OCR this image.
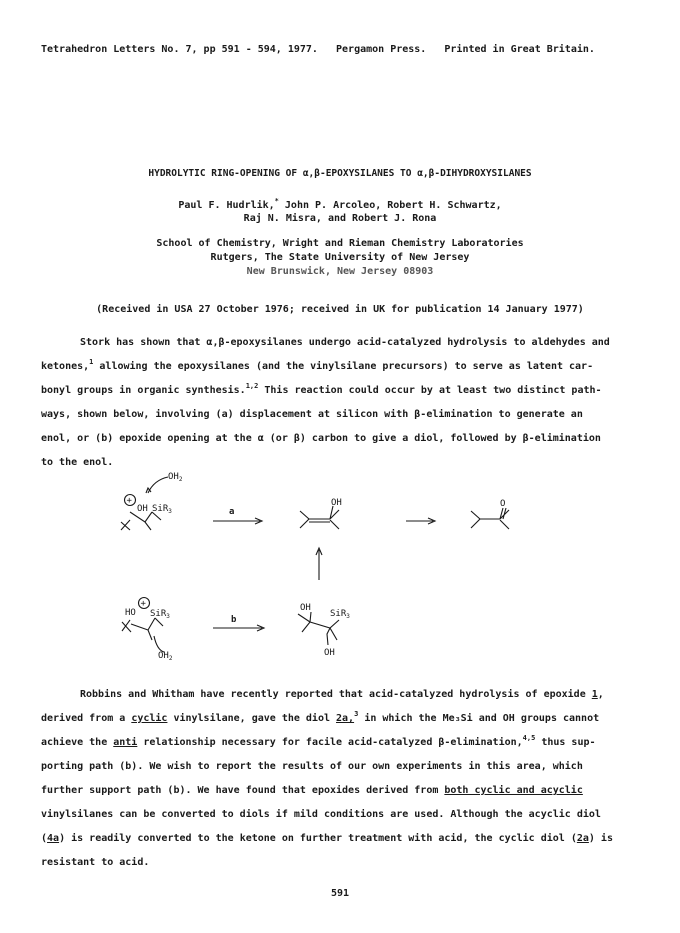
Tetrahedron Letters No. 7, pp 591 - 594, 1977. Pergamon Press. Printed in Great Britain.
HYDROLYTIC RING-OPENING OF α,β-EPOXYSILANES TO α,β-DIHYDROXYSILANES
Paul F. Hudrlik,* John P. Arcoleo, Robert H. Schwartz,
Raj N. Misra, and Robert J. Rona
School of Chemistry, Wright and Rieman Chemistry Laboratories
Rutgers, The State University of New Jersey
New Brunswick, New Jersey 08903
(Received in USA 27 October 1976; received in UK for publication 14 January 1977)
Stork has shown that α,β-epoxysilanes undergo acid-catalyzed hydrolysis to aldehydes and
ketones,$^1$ allowing the epoxysilanes (and the vinylsilane precursors) to serve as latent car-
bonyl groups in organic synthesis.$^{1,2}$ This reaction could occur by at least two distinct path-
ways, shown below, involving (a) displacement at silicon with β-elimination to generate an
enol, or (b) epoxide opening at the α (or β) carbon to give a diol, followed by β-elimination
to the enol.
$OH_2$
+
OH SiR$_3$	a
OH	O
+
HO SiR$_3$
$OH_2$
b
OH
SiR$_3$
OH
Robbins and Whitham have recently reported that acid-catalyzed hydrolysis of epoxide 1,
derived from a cyclic vinylsilane, gave the diol 2a,$^3$ in which the Me₃Si and OH groups cannot
achieve the anti relationship necessary for facile acid-catalyzed β-elimination,$^{4,5}$ thus sup-
porting path (b). We wish to report the results of our own experiments in this area, which
further support path (b). We have found that epoxides derived from both cyclic and acyclic
vinylsilanes can be converted to diols if mild conditions are used. Although the acyclic diol
(4a) is readily converted to the ketone on further treatment with acid, the cyclic diol (2a) is
resistant to acid.
591
